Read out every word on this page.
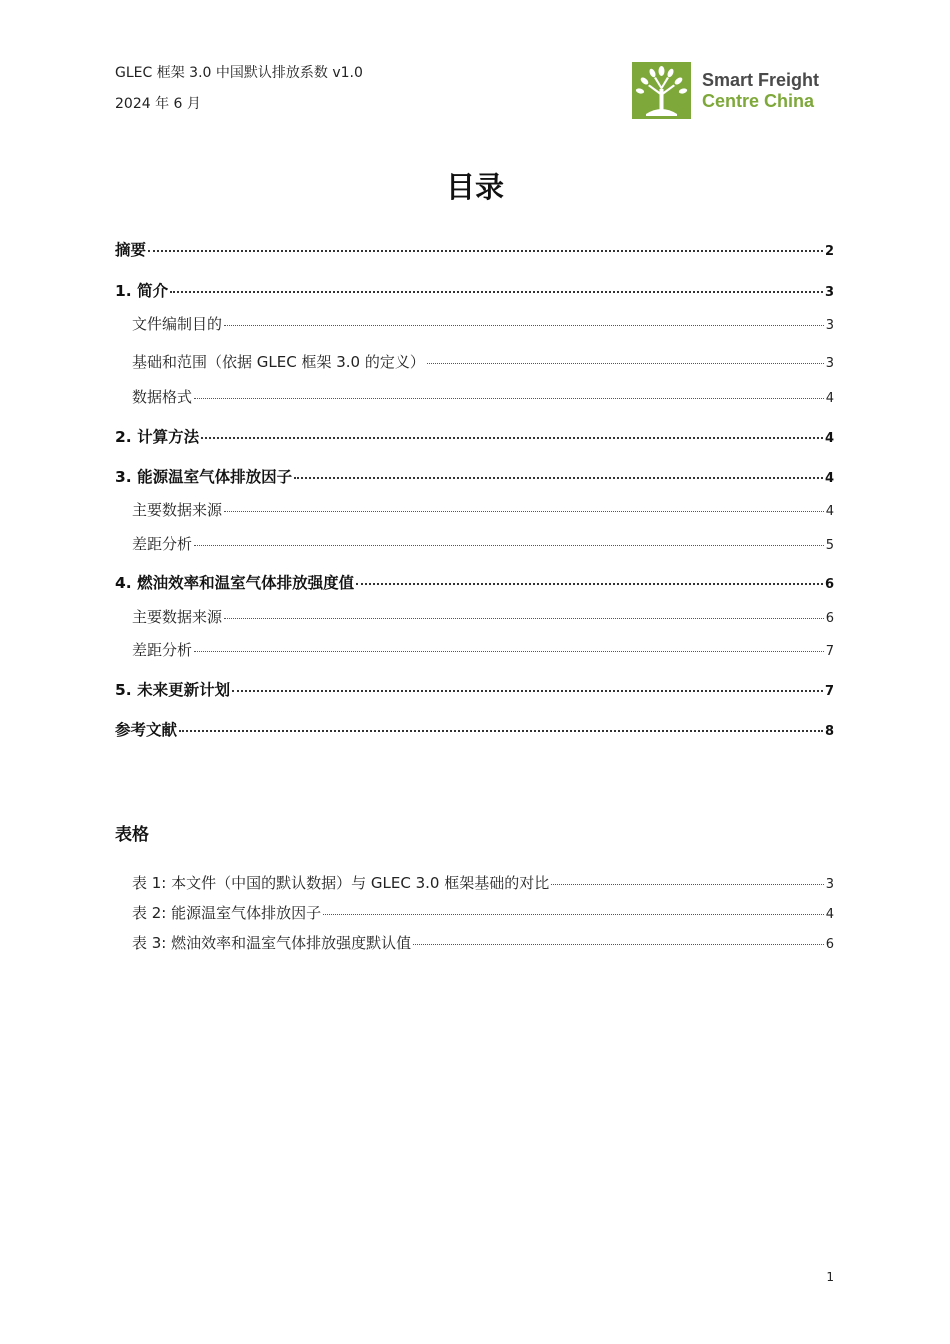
GLEC 框架 3.0 中国默认排放系数 v1.0
2024 年 6 月
Smart Freight
Centre China
目录
摘要	2
1. 简介	3
文件编制目的	3
基础和范围（依据 GLEC 框架 3.0 的定义）	3
数据格式	4
2. 计算方法	4
3. 能源温室气体排放因子	4
主要数据来源	4
差距分析	5
4. 燃油效率和温室气体排放强度值	6
主要数据来源	6
差距分析	7
5. 未来更新计划	7
参考文献	8
表格
表 1: 本文件（中国的默认数据）与 GLEC 3.0 框架基础的对比	3
表 2: 能源温室气体排放因子	4
表 3: 燃油效率和温室气体排放强度默认值	6
1
